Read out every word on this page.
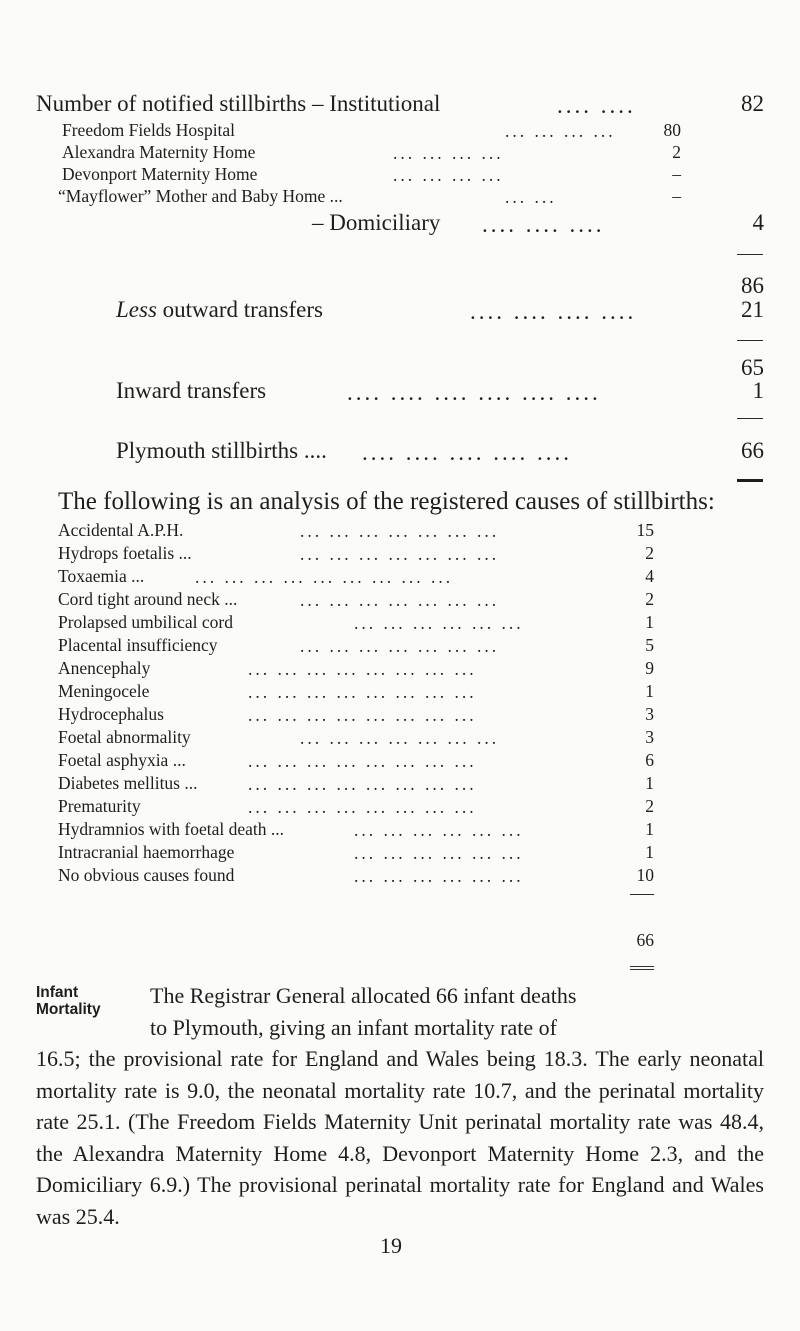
Number of notified stillbirths – Institutional	.... ....	82
Freedom Fields Hospital	... ... ... ...	80
Alexandra Maternity Home	... ... ... ...	2
Devonport Maternity Home	... ... ... ...	–
“Mayflower” Mother and Baby Home ...	... ...	–
– Domiciliary .... .... ....	4
86
Less outward transfers	.... .... .... ....	21
65
Inward transfers	.... .... .... .... .... ....	1
Plymouth stillbirths .... .... .... .... .... ....	66
The following is an analysis of the registered causes of stillbirths:
Accidental A.P.H.	... ... ... ... ... ... ...	15
Hydrops foetalis ...	... ... ... ... ... ... ...	2
Toxaemia ...	... ... ... ... ... ... ... ... ...	4
Cord tight around neck ...	... ... ... ... ... ... ...	2
Prolapsed umbilical cord	... ... ... ... ... ...	1
Placental insufficiency	... ... ... ... ... ... ...	5
Anencephaly	... ... ... ... ... ... ... ...	9
Meningocele	... ... ... ... ... ... ... ...	1
Hydrocephalus	... ... ... ... ... ... ... ...	3
Foetal abnormality	... ... ... ... ... ... ...	3
Foetal asphyxia ...	... ... ... ... ... ... ... ...	6
Diabetes mellitus ...	... ... ... ... ... ... ... ...	1
Prematurity	... ... ... ... ... ... ... ...	2
Hydramnios with foetal death ...	... ... ... ... ... ...	1
Intracranial haemorrhage	... ... ... ... ... ...	1
No obvious causes found	... ... ... ... ... ...	10
66
Infant
Mortality

The Registrar General allocated 66 infant deaths

to Plymouth, giving an infant mortality rate of

16.5; the provisional rate for England and Wales being 18.3. The early neonatal mortality rate is 9.0, the neonatal mortality rate 10.7, and the perinatal mortality rate 25.1. (The Freedom Fields Maternity Unit perinatal mortality rate was 48.4, the Alexandra Maternity Home 4.8, Devonport Maternity Home 2.3, and the Domiciliary 6.9.) The provisional perinatal mortality rate for England and Wales was 25.4.

19
